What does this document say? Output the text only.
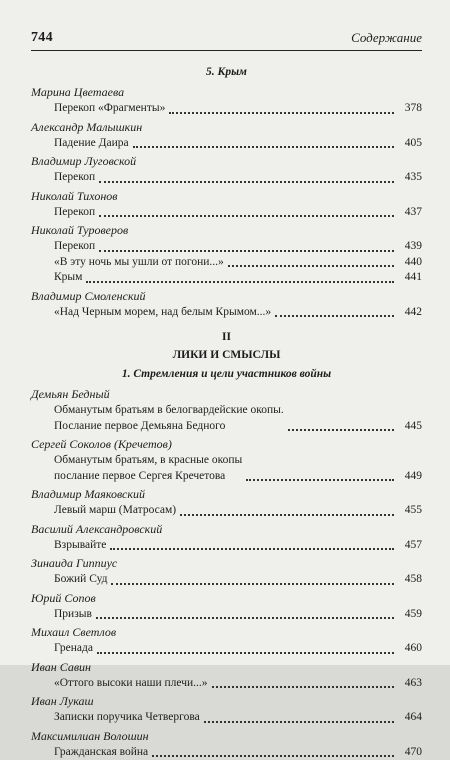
744	Содержание
5. Крым
Марина Цветаева
Перекоп «Фрагменты»	378
Александр Малышкин
Падение Даира	405
Владимир Луговской
Перекоп	435
Николай Тихонов
Перекоп	437
Николай Туроверов
Перекоп	439
«В эту ночь мы ушли от погони...»	440
Крым	441
Владимир Смоленский
«Над Черным морем, над белым Крымом...»	442
II
ЛИКИ И СМЫСЛЫ
1. Стремления и цели участников войны
Демьян Бедный
Обманутым братьям в белогвардейские окопы.
Послание первое Демьяна Бедного	445
Сергей Соколов (Кречетов)
Обманутым братьям, в красные окопы
послание первое Сергея Кречетова	449
Владимир Маяковский
Левый марш (Матросам)	455
Василий Александровский
Взрывайте	457
Зинаида Гиппиус
Божий Суд	458
Юрий Сопов
Призыв	459
Михаил Светлов
Гренада	460
Иван Савин
«Оттого высоки наши плечи...»	463
Иван Лукаш
Записки поручика Четвергова	464
Максимилиан Волошин
Гражданская война	470
